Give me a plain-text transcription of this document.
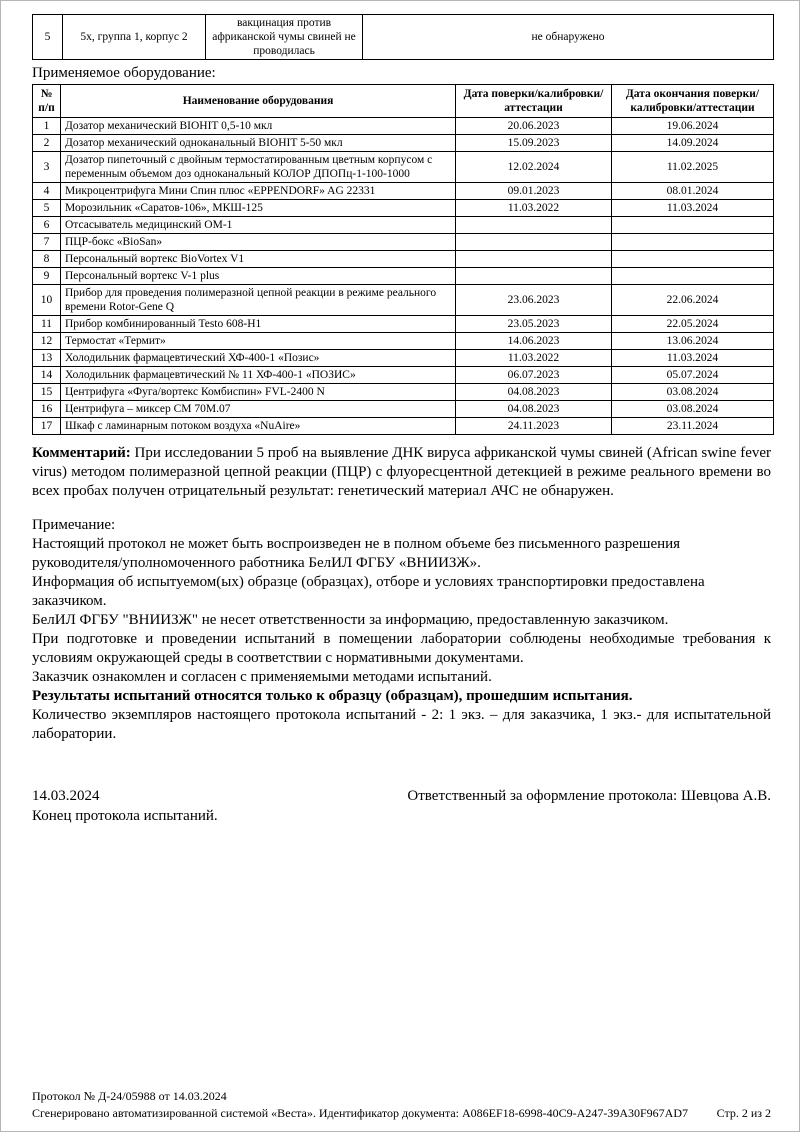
5	5х, группа 1, корпус 2	вакцинация против африканской чумы свиней не проводилась	не обнаружено
Применяемое оборудование:
№ п/п	Наименование оборудования	Дата поверки/калибровки/аттестации	Дата окончания поверки/калибровки/аттестации
1	Дозатор механический BIOHIT 0,5-10 мкл	20.06.2023	19.06.2024
2	Дозатор механический одноканальный BIOHIT 5-50 мкл	15.09.2023	14.09.2024
3	Дозатор пипеточный с двойным термостатированным цветным корпусом с переменным объемом доз одноканальный КОЛОР ДПОПц-1-100-1000	12.02.2024	11.02.2025
4	Микроцентрифуга Мини Спин плюс «EPPENDORF» AG 22331	09.01.2023	08.01.2024
5	Морозильник «Саратов-106», МКШ-125	11.03.2022	11.03.2024
6	Отсасыватель медицинский ОМ-1		
7	ПЦР-бокс «BioSan»		
8	Персональный вортекс BioVortex V1		
9	Персональный вортекс V-1 plus		
10	Прибор для проведения полимеразной цепной реакции в режиме реального времени Rotor-Gene Q	23.06.2023	22.06.2024
11	Прибор комбинированный Testo 608-H1	23.05.2023	22.05.2024
12	Термостат «Термит»	14.06.2023	13.06.2024
13	Холодильник фармацевтический ХФ-400-1 «Позис»	11.03.2022	11.03.2024
14	Холодильник фармацевтический № 11 ХФ-400-1 «ПОЗИС»	06.07.2023	05.07.2024
15	Центрифуга «Фуга/вортекс Комбиспин» FVL-2400 N	04.08.2023	03.08.2024
16	Центрифуга – миксер СМ 70М.07	04.08.2023	03.08.2024
17	Шкаф с ламинарным потоком воздуха «NuAire»	24.11.2023	23.11.2024
Комментарий: При исследовании 5 проб на выявление ДНК вируса африканской чумы свиней (African swine fever virus) методом полимеразной цепной реакции (ПЦР) с флуоресцентной детекцией в режиме реального времени во всех пробах получен отрицательный результат: генетический материал АЧС не обнаружен.
Примечание:
Настоящий протокол не может быть воспроизведен не в полном объеме без письменного разрешения руководителя/уполномоченного работника БелИЛ ФГБУ «ВНИИЗЖ».
Информация об испытуемом(ых) образце (образцах), отборе и условиях транспортировки предоставлена заказчиком.
БелИЛ ФГБУ "ВНИИЗЖ" не несет ответственности за информацию, предоставленную заказчиком.
При подготовке и проведении испытаний в помещении лаборатории соблюдены необходимые требования к условиям окружающей среды в соответствии с нормативными документами.
Заказчик ознакомлен и согласен с применяемыми методами испытаний.
Результаты испытаний относятся только к образцу (образцам), прошедшим испытания.
Количество экземпляров настоящего протокола испытаний - 2: 1 экз. – для заказчика, 1 экз.- для испытательной лаборатории.
14.03.2024	Ответственный за оформление протокола: Шевцова А.В.
Конец протокола испытаний.
Протокол № Д-24/05988 от 14.03.2024
Сгенерировано автоматизированной системой «Веста». Идентификатор документа: A086EF18-6998-40C9-A247-39A30F967AD7 Стр. 2 из 2
